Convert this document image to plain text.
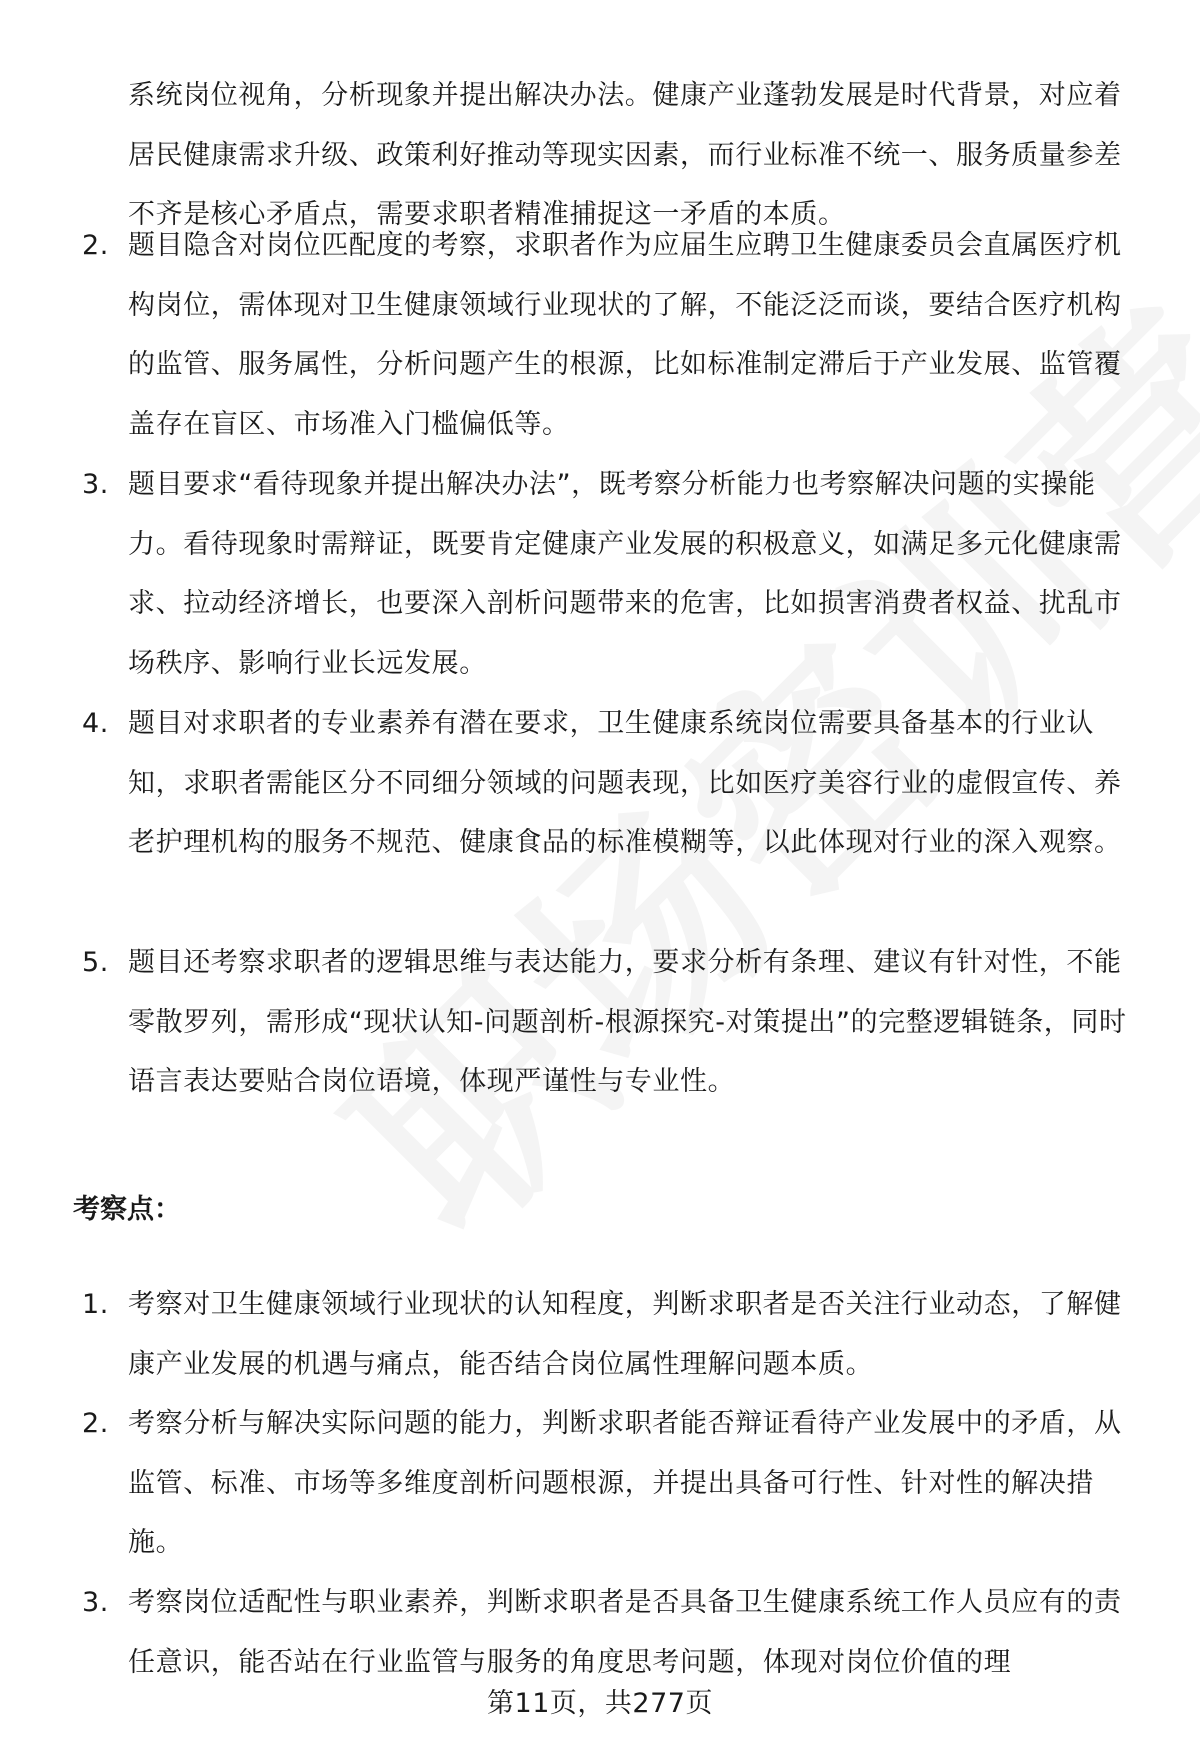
系统岗位视角，分析现象并提出解决办法。健康产业蓬勃发展是时代背景，对应着居民健康需求升级、政策利好推动等现实因素，而行业标准不统一、服务质量参差不齐是核心矛盾点，需要求职者精准捕捉这一矛盾的本质。
2. 题目隐含对岗位匹配度的考察，求职者作为应届生应聘卫生健康委员会直属医疗机构岗位，需体现对卫生健康领域行业现状的了解，不能泛泛而谈，要结合医疗机构的监管、服务属性，分析问题产生的根源，比如标准制定滞后于产业发展、监管覆盖存在盲区、市场准入门槛偏低等。
3. 题目要求“看待现象并提出解决办法”，既考察分析能力也考察解决问题的实操能力。看待现象时需辩证，既要肯定健康产业发展的积极意义，如满足多元化健康需求、拉动经济增长，也要深入剖析问题带来的危害，比如损害消费者权益、扰乱市场秩序、影响行业长远发展。
4. 题目对求职者的专业素养有潜在要求，卫生健康系统岗位需要具备基本的行业认知，求职者需能区分不同细分领域的问题表现，比如医疗美容行业的虚假宣传、养老护理机构的服务不规范、健康食品的标准模糊等，以此体现对行业的深入观察。
5. 题目还考察求职者的逻辑思维与表达能力，要求分析有条理、建议有针对性，不能零散罗列，需形成“现状认知-问题剖析-根源探究-对策提出”的完整逻辑链条，同时语言表达要贴合岗位语境，体现严谨性与专业性。
考察点：
1. 考察对卫生健康领域行业现状的认知程度，判断求职者是否关注行业动态，了解健康产业发展的机遇与痛点，能否结合岗位属性理解问题本质。
2. 考察分析与解决实际问题的能力，判断求职者能否辩证看待产业发展中的矛盾，从监管、标准、市场等多维度剖析问题根源，并提出具备可行性、针对性的解决措施。
3. 考察岗位适配性与职业素养，判断求职者是否具备卫生健康系统工作人员应有的责任意识，能否站在行业监管与服务的角度思考问题，体现对岗位价值的理
第11页，共277页
